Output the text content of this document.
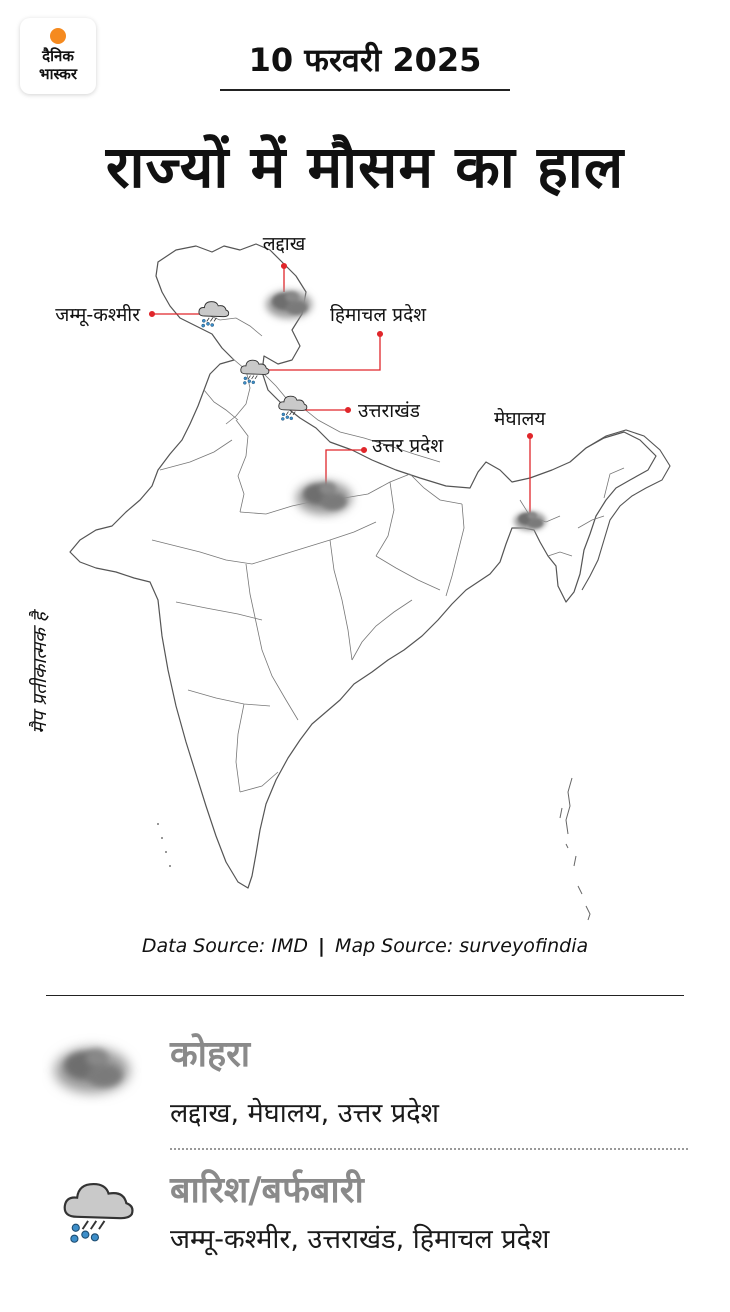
दैनिक
भास्कर	10 फरवरी 2025
राज्यों में मौसम का हाल
लद्दाख
जम्मू-कश्मीर	हिमाचल प्रदेश
उत्तराखंड	मेघालय
उत्तर प्रदेश
मैप प्रतीकात्मक है
Data Source: IMD | Map Source: surveyofindia
कोहरा
लद्दाख, मेघालय, उत्तर प्रदेश
बारिश/बर्फबारी
जम्मू-कश्मीर, उत्तराखंड, हिमाचल प्रदेश
